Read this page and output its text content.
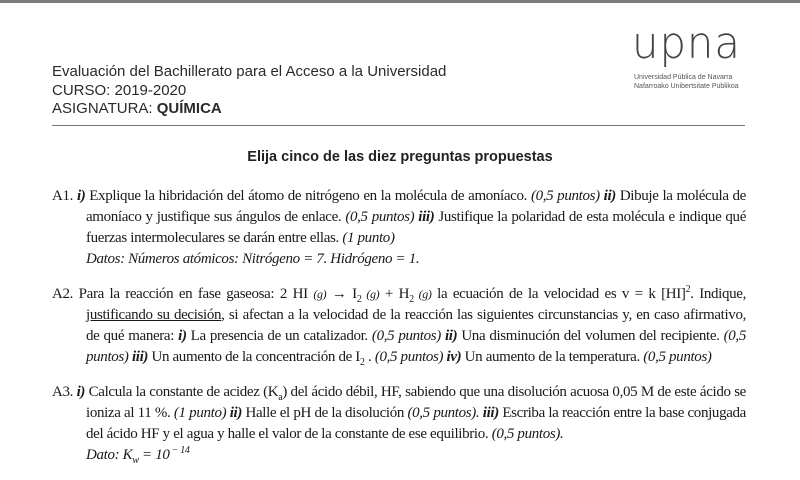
Evaluación del Bachillerato para el Acceso a la Universidad
CURSO: 2019-2020
ASIGNATURA: QUÍMICA
upna
Universidad Pública de Navarra
Nafarroako Unibertsitate Publikoa
Elija cinco de las diez preguntas propuestas
A1. i) Explique la hibridación del átomo de nitrógeno en la molécula de amoníaco. (0,5 puntos) ii) Dibuje la molécula de amoníaco y justifique sus ángulos de enlace. (0,5 puntos) iii) Justifique la polaridad de esta molécula e indique qué fuerzas intermoleculares se darán entre ellas. (1 punto)
Datos: Números atómicos: Nitrógeno = 7. Hidrógeno = 1.
A2. Para la reacción en fase gaseosa: 2 HI $(g) \to I_2$ $(g) + H_2$ (g) la ecuación de la velocidad es v = k [HI]$^2$. Indique, justificando su decisión, si afectan a la velocidad de la reacción las siguientes circunstancias y, en caso afirmativo, de qué manera: i) La presencia de un catalizador. (0,5 puntos) ii) Una disminución del volumen del recipiente. (0,5 puntos) iii) Un aumento de la concentración de $I_2$ . (0,5 puntos) iv) Un aumento de la temperatura. (0,5 puntos)
A3. i) Calcula la constante de acidez $(K_a)$ del ácido débil, HF, sabiendo que una disolución acuosa 0,05 M de este ácido se ioniza al 11 %. (1 punto) ii) Halle el pH de la disolución (0,5 puntos). iii) Escriba la reacción entre la base conjugada del ácido HF y el agua y halle el valor de la constante de ese equilibrio. (0,5 puntos).
Dato: $K_w = 10$ $^{- 14}$
